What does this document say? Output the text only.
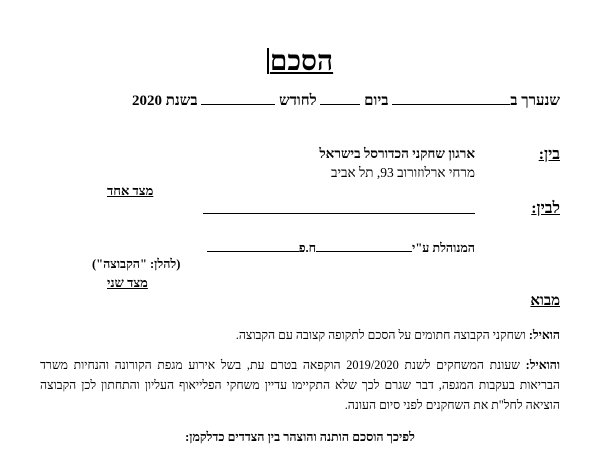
הסכם
שנערך ב ביום  לחודש  בשנת 2020
בין:
ארגון שחקני הכדורסל בישראל
מרחי ארלוזורוב 93, תל אביב
מצד אחד
לבין:
המנוהלת ע"יח.פ
(להלן: "הקבוצה")
מצד שני
מבוא
הואיל: ושחקני הקבוצה חתומים על הסכם לתקופה קצובה עם הקבוצה.
והואיל: שעונת המשחקים לשנת 2019/2020 הוקפאה בטרם עת, בשל אירוע מגפת הקורונה והנחיות משרד הבריאות בעקבות המגפה, דבר שגרם לכך שלא התקיימו עדיין משחקי הפלייאוף העליון והתחתון לכן הקבוצה הוציאה לחל"ת את השחקנים לפני סיום העונה.
לפיכך הוסכם הותנה והוצהר בין הצדדים כדלקמן:
